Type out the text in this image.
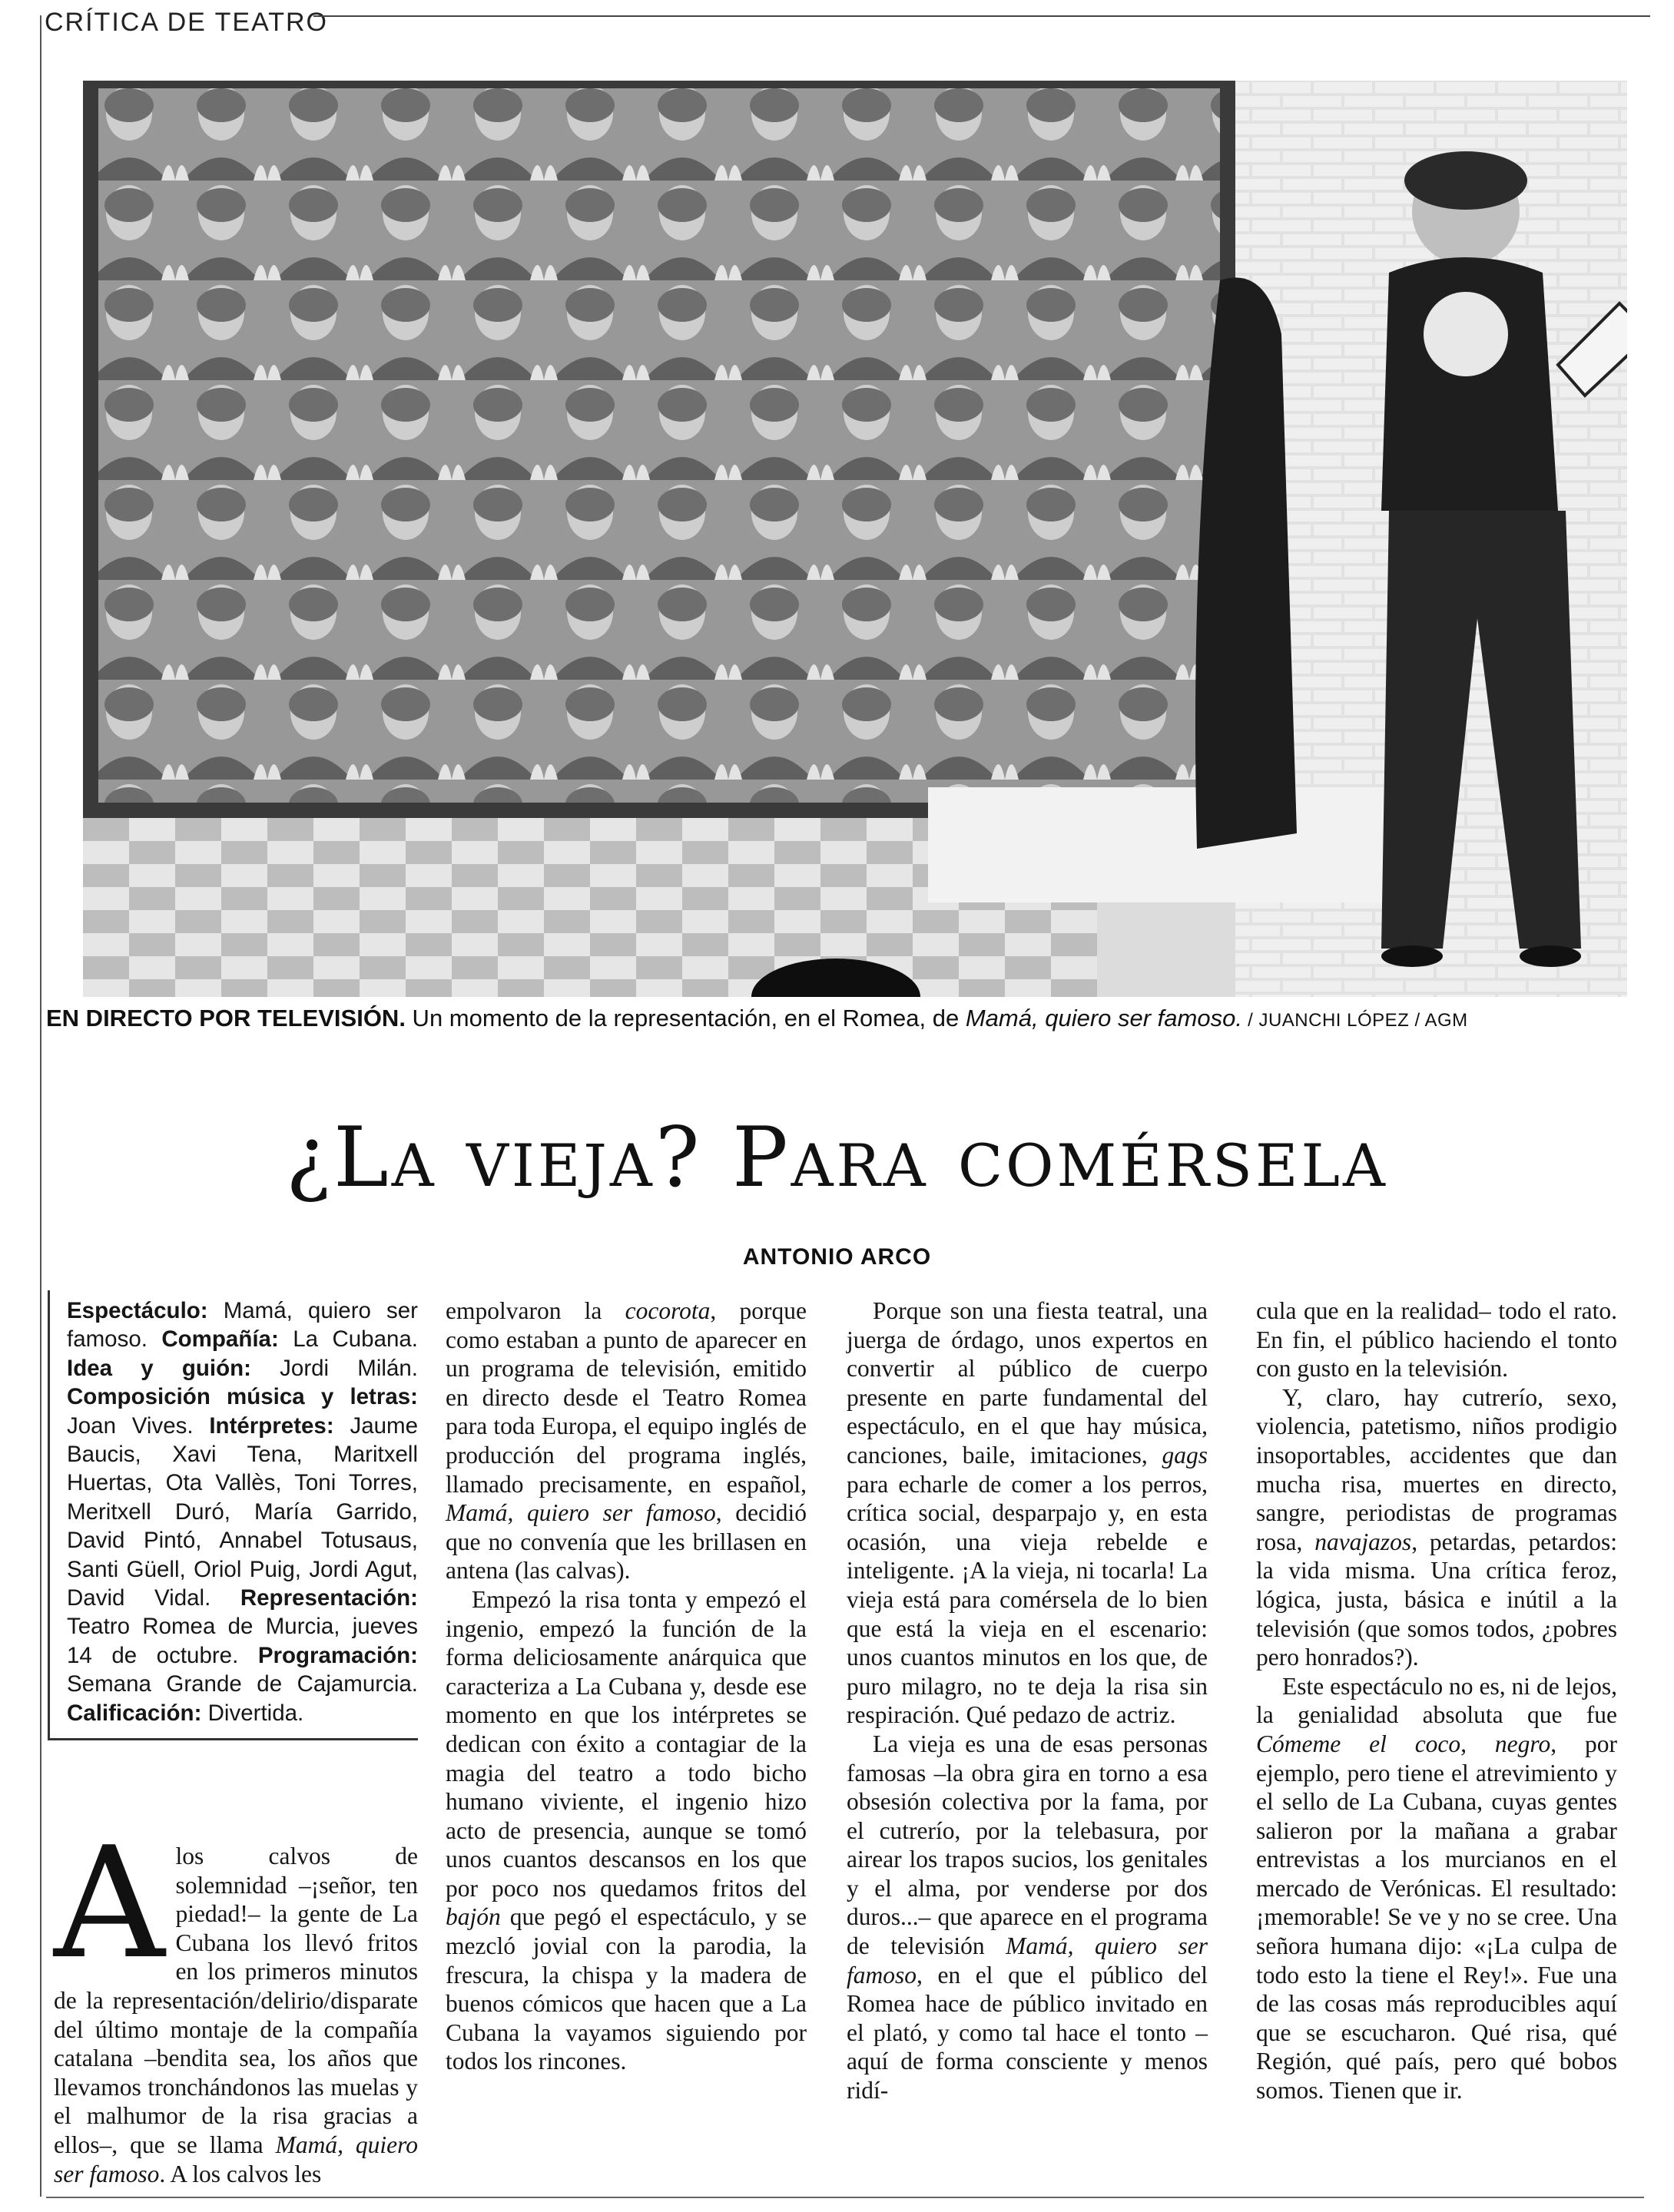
CRÍTICA DE TEATRO
EN DIRECTO POR TELEVISIÓN. Un momento de la representación, en el Romea, de Mamá, quiero ser famoso. / JUANCHI LÓPEZ / AGM
¿La vieja? Para comérsela
ANTONIO ARCO
Espectáculo: Mamá, quiero ser famoso. Compañía: La Cubana. Idea y guión: Jordi Milán. Composición música y letras: Joan Vives. Intérpretes: Jaume Baucis, Xavi Tena, Maritxell Huertas, Ota Vallès, Toni Torres, Meritxell Duró, María Garrido, David Pintó, Annabel Totusaus, Santi Güell, Oriol Puig, Jordi Agut, David Vidal. Representación: Teatro Romea de Murcia, jueves 14 de octubre. Programación: Semana Grande de Cajamurcia. Calificación: Divertida.
A los calvos de solemnidad –¡señor, ten piedad!– la gente de La Cubana los llevó fritos en los primeros minutos de la representación/delirio/disparate del último montaje de la compañía catalana –bendita sea, los años que llevamos tronchándonos las muelas y el malhumor de la risa gracias a ellos–, que se llama Mamá, quiero ser famoso. A los calvos les

empolvaron la cocorota, porque como estaban a punto de aparecer en un programa de televisión, emitido en directo desde el Teatro Romea para toda Europa, el equipo inglés de producción del programa inglés, llamado precisamente, en español, Mamá, quiero ser famoso, decidió que no convenía que les brillasen en antena (las calvas).

Empezó la risa tonta y empezó el ingenio, empezó la función de la forma deliciosamente anárquica que caracteriza a La Cubana y, desde ese momento en que los intérpretes se dedican con éxito a contagiar de la magia del teatro a todo bicho humano viviente, el ingenio hizo acto de presencia, aunque se tomó unos cuantos descansos en los que por poco nos quedamos fritos del bajón que pegó el espectáculo, y se mezcló jovial con la parodia, la frescura, la chispa y la madera de buenos cómicos que hacen que a La Cubana la vayamos siguiendo por todos los rincones.

Porque son una fiesta teatral, una juerga de órdago, unos expertos en convertir al público de cuerpo presente en parte fundamental del espectáculo, en el que hay música, canciones, baile, imitaciones, gags para echarle de comer a los perros, crítica social, desparpajo y, en esta ocasión, una vieja rebelde e inteligente. ¡A la vieja, ni tocarla! La vieja está para comérsela de lo bien que está la vieja en el escenario: unos cuantos minutos en los que, de puro milagro, no te deja la risa sin respiración. Qué pedazo de actriz.

La vieja es una de esas personas famosas –la obra gira en torno a esa obsesión colectiva por la fama, por el cutrerío, por la telebasura, por airear los trapos sucios, los genitales y el alma, por venderse por dos duros...– que aparece en el programa de televisión Mamá, quiero ser famoso, en el que el público del Romea hace de público invitado en el plató, y como tal hace el tonto –aquí de forma consciente y menos ridí-

cula que en la realidad– todo el rato. En fin, el público haciendo el tonto con gusto en la televisión.

Y, claro, hay cutrerío, sexo, violencia, patetismo, niños prodigio insoportables, accidentes que dan mucha risa, muertes en directo, sangre, periodistas de programas rosa, navajazos, petardas, petardos: la vida misma. Una crítica feroz, lógica, justa, básica e inútil a la televisión (que somos todos, ¿pobres pero honrados?).

Este espectáculo no es, ni de lejos, la genialidad absoluta que fue Cómeme el coco, negro, por ejemplo, pero tiene el atrevimiento y el sello de La Cubana, cuyas gentes salieron por la mañana a grabar entrevistas a los murcianos en el mercado de Verónicas. El resultado: ¡memorable! Se ve y no se cree. Una señora humana dijo: «¡La culpa de todo esto la tiene el Rey!». Fue una de las cosas más reproducibles aquí que se escucharon. Qué risa, qué Región, qué país, pero qué bobos somos. Tienen que ir.
